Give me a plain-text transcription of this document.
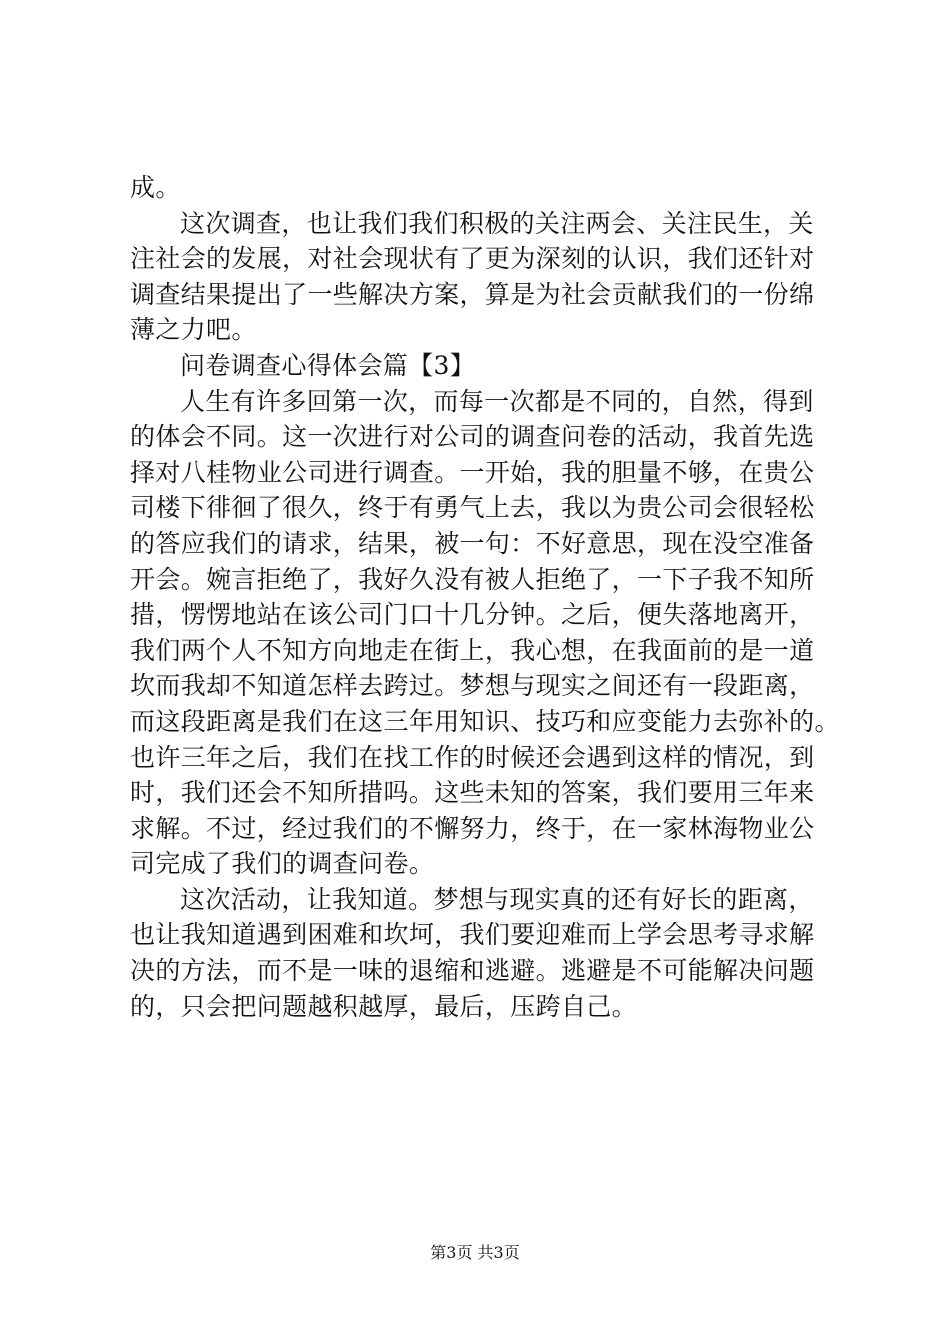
成。
这次调查，也让我们我们积极的关注两会、关注民生，关
注社会的发展，对社会现状有了更为深刻的认识，我们还针对
调查结果提出了一些解决方案，算是为社会贡献我们的一份绵
薄之力吧。
问卷调查心得体会篇【3】
人生有许多回第一次，而每一次都是不同的，自然，得到
的体会不同。这一次进行对公司的调查问卷的活动，我首先选
择对八桂物业公司进行调查。一开始，我的胆量不够，在贵公
司楼下徘徊了很久，终于有勇气上去，我以为贵公司会很轻松
的答应我们的请求，结果，被一句：不好意思，现在没空准备
开会。婉言拒绝了，我好久没有被人拒绝了，一下子我不知所
措，愣愣地站在该公司门口十几分钟。之后，便失落地离开，
我们两个人不知方向地走在街上，我心想，在我面前的是一道
坎而我却不知道怎样去跨过。梦想与现实之间还有一段距离，
而这段距离是我们在这三年用知识、技巧和应变能力去弥补的。
也许三年之后，我们在找工作的时候还会遇到这样的情况，到
时，我们还会不知所措吗。这些未知的答案，我们要用三年来
求解。不过，经过我们的不懈努力，终于，在一家林海物业公
司完成了我们的调查问卷。
这次活动，让我知道。梦想与现实真的还有好长的距离，
也让我知道遇到困难和坎坷，我们要迎难而上学会思考寻求解
决的方法，而不是一味的退缩和逃避。逃避是不可能解决问题
的，只会把问题越积越厚，最后，压跨自己。
第3页 共3页
